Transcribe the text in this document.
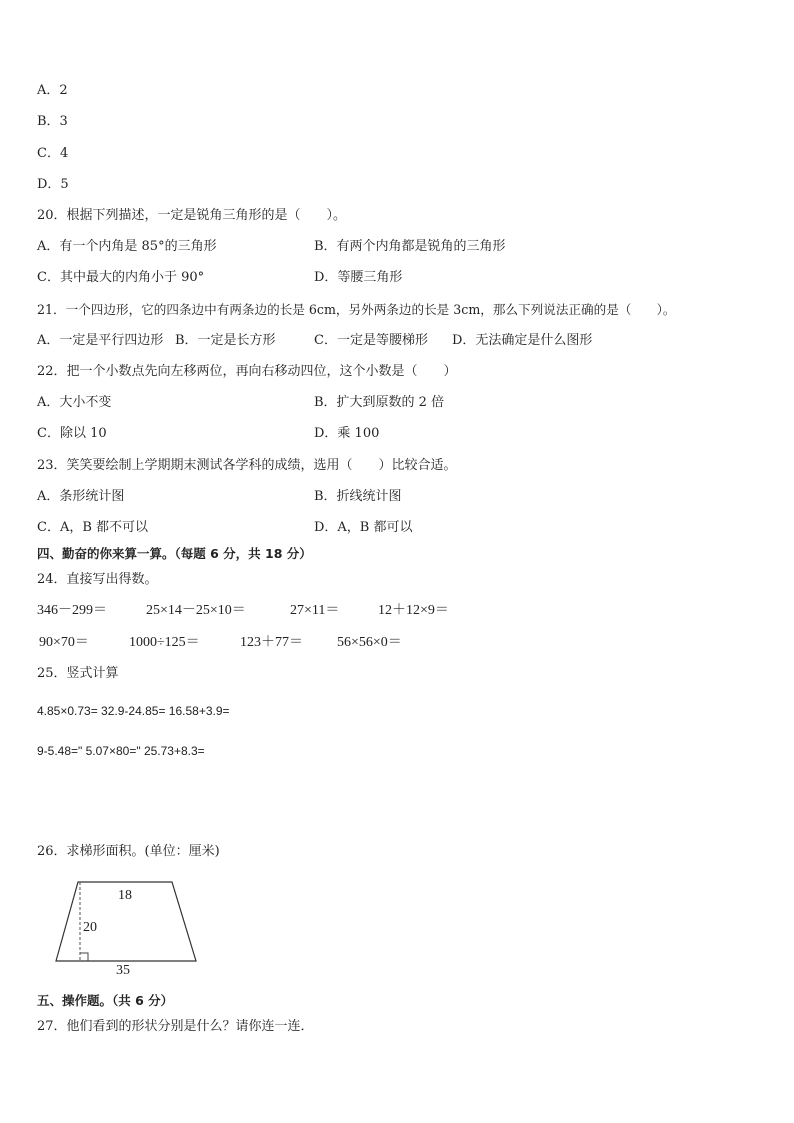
A．2
B．3
C．4
D．5
20．根据下列描述，一定是锐角三角形的是（　　）。
A．有一个内角是 85°的三角形	B．有两个内角都是锐角的三角形
C．其中最大的内角小于 90°	D．等腰三角形
21．一个四边形，它的四条边中有两条边的长是 6cm，另外两条边的长是 3cm，那么下列说法正确的是（　　）。
A．一定是平行四边形 B．一定是长方形	C．一定是等腰梯形 D．无法确定是什么图形
22．把一个小数点先向左移两位，再向右移动四位，这个小数是（　　）
A．大小不变	B．扩大到原数的 2 倍
C．除以 10	D．乘 100
23．笑笑要绘制上学期期末测试各学科的成绩，选用（　　）比较合适。
A．条形统计图	B．折线统计图
C．A，B 都不可以	D．A，B 都可以
四、勤奋的你来算一算。（每题 6 分，共 18 分）
24．直接写出得数。
346－299＝	25×14－25×10＝	27×11＝	12＋12×9＝
90×70＝	1000÷125＝	123＋77＝ 56×56×0＝
25．竖式计算
4.85×0.73= 32.9-24.85= 16.58+3.9=
9-5.48=" 5.07×80=" 25.73+8.3=
26．求梯形面积。(单位：厘米)
18
20
35
五、操作题。（共 6 分）
27．他们看到的形状分别是什么？请你连一连．
